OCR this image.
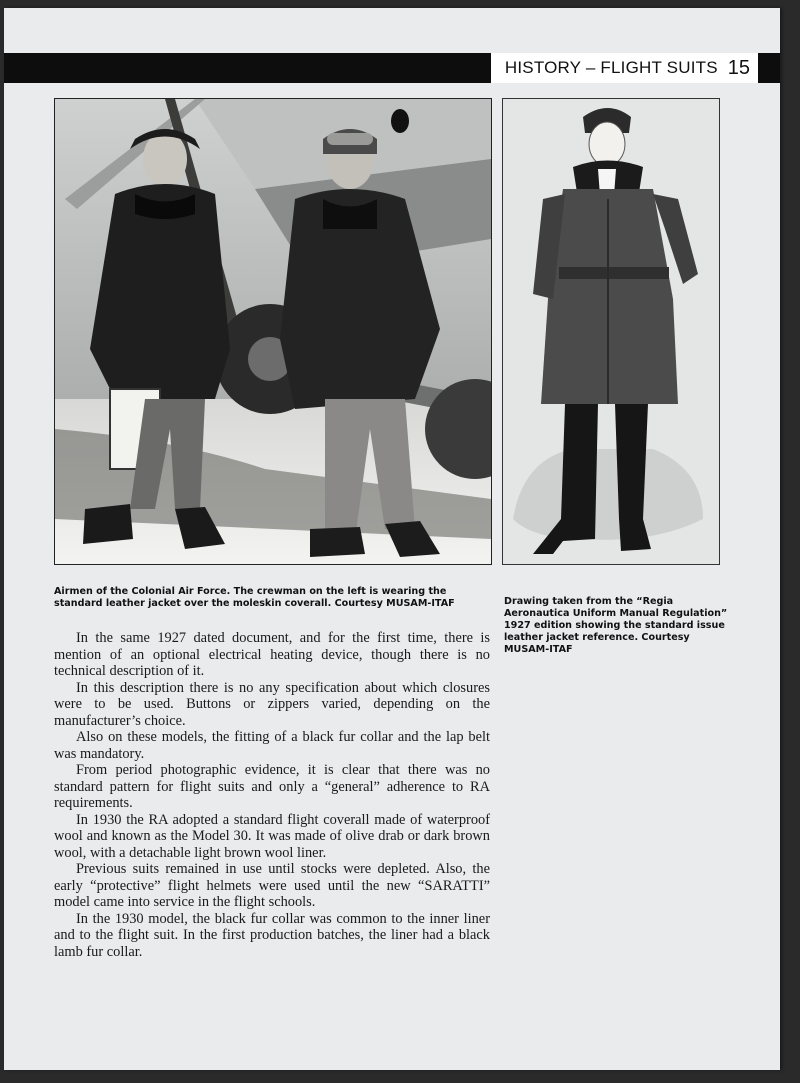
HISTORY – FLIGHT SUITS 15
Airmen of the Colonial Air Force. The crewman on the left is wearing the standard leather jacket over the moleskin coverall. Courtesy MUSAM-ITAF	Drawing taken from the “Regia Aeronautica Uniform Manual Regulation” 1927 edition showing the standard issue leather jacket reference. Courtesy MUSAM-ITAF

In the same 1927 dated document, and for the first time, there is mention of an optional electrical heating device, though there is no technical description of it.

In this description there is no any specification about which closures were to be used. Buttons or zippers varied, depending on the manufacturer’s choice.

Also on these models, the fitting of a black fur collar and the lap belt was mandatory.

From period photographic evidence, it is clear that there was no standard pattern for flight suits and only a “general” adherence to RA requirements.

In 1930 the RA adopted a standard flight coverall made of waterproof wool and known as the Model 30. It was made of olive drab or dark brown wool, with a detachable light brown wool liner.

Previous suits remained in use until stocks were depleted. Also, the early “protective” flight helmets were used until the new “SARATTI” model came into service in the flight schools.

In the 1930 model, the black fur collar was common to the inner liner and to the flight suit. In the first production batches, the liner had a black lamb fur collar.
